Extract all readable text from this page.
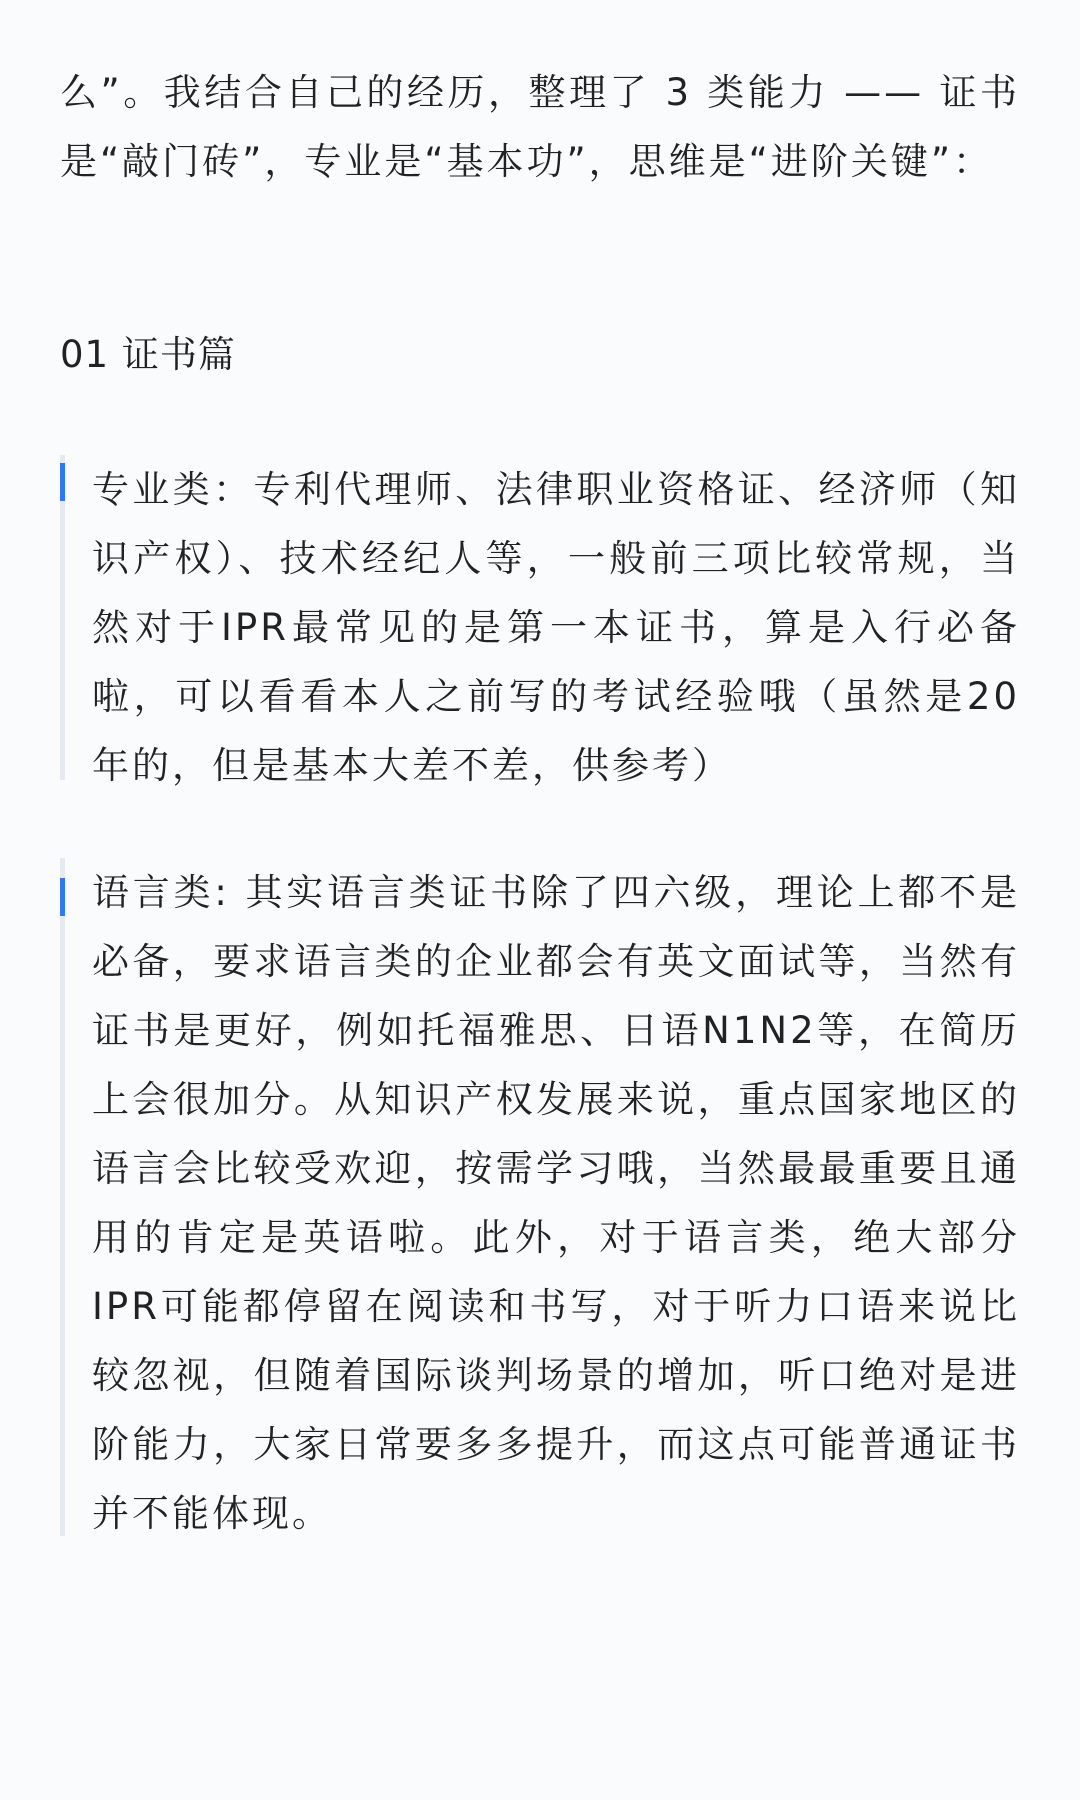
么”。我结合自己的经历，整理了 3 类能力 —— 证书是“敲门砖”，专业是“基本功”，思维是“进阶关键”：

01 证书篇

专业类：专利代理师、法律职业资格证、经济师（知识产权）、技术经纪人等，一般前三项比较常规，当然对于IPR最常见的是第一本证书，算是入行必备啦，可以看看本人之前写的考试经验哦（虽然是20年的，但是基本大差不差，供参考）

语言类: 其实语言类证书除了四六级，理论上都不是必备，要求语言类的企业都会有英文面试等，当然有证书是更好，例如托福雅思、日语N1N2等，在简历上会很加分。从知识产权发展来说，重点国家地区的语言会比较受欢迎，按需学习哦，当然最最重要且通用的肯定是英语啦。此外，对于语言类，绝大部分IPR可能都停留在阅读和书写，对于听力口语来说比较忽视，但随着国际谈判场景的增加，听口绝对是进阶能力，大家日常要多多提升，而这点可能普通证书并不能体现。
